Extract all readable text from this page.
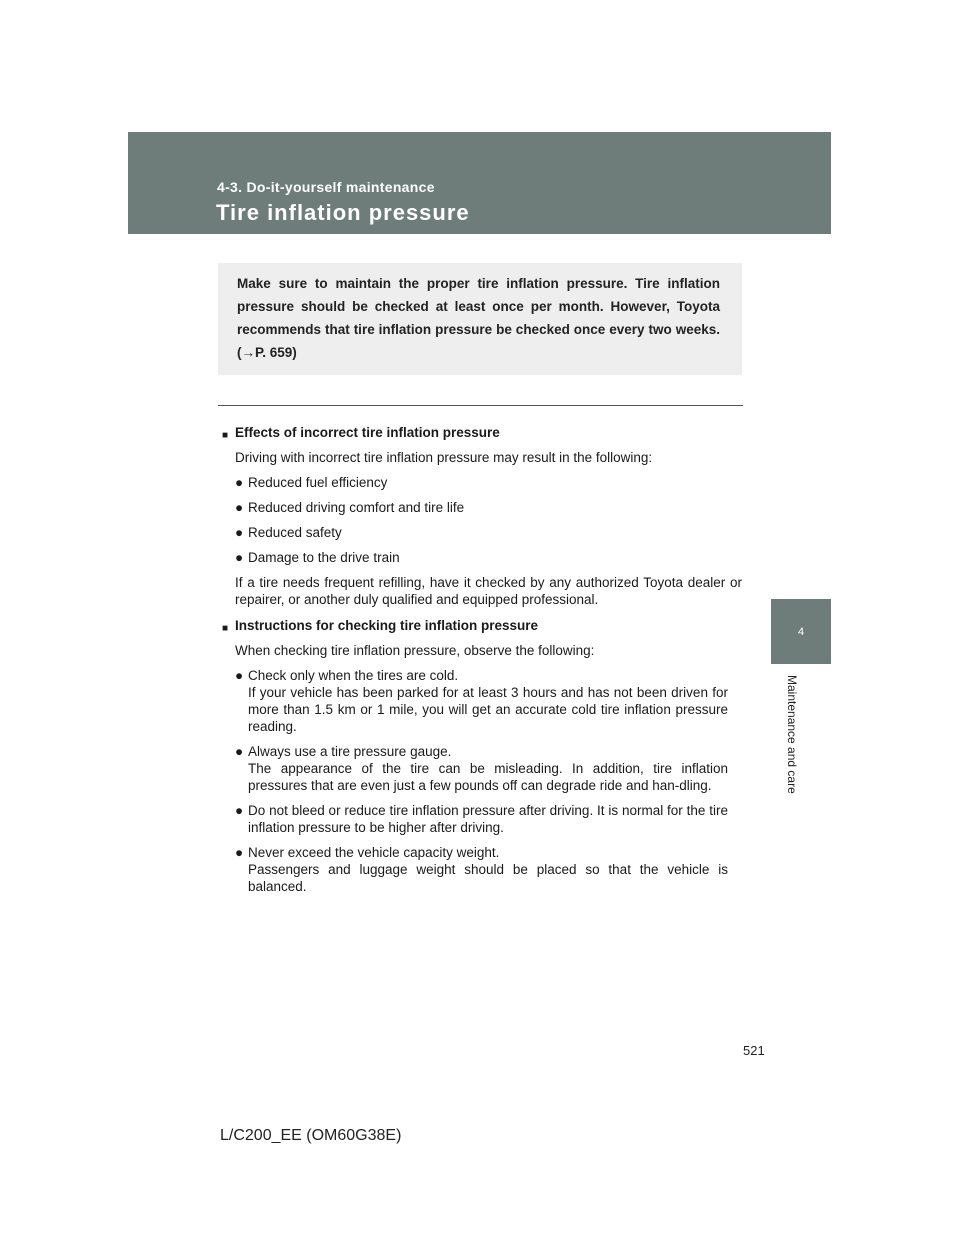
4-3. Do-it-yourself maintenance

Tire inflation pressure
4
Maintenance and care
Make sure to maintain the proper tire inflation pressure. Tire inflation pressure should be checked at least once per month. However, Toyota recommends that tire inflation pressure be checked once every two weeks. (→P. 659)

■ Effects of incorrect tire inflation pressure

Driving with incorrect tire inflation pressure may result in the following:

● Reduced fuel efficiency
● Reduced driving comfort and tire life
● Reduced safety
● Damage to the drive train

If a tire needs frequent refilling, have it checked by any authorized Toyota dealer or repairer, or another duly qualified and equipped professional.

■ Instructions for checking tire inflation pressure

When checking tire inflation pressure, observe the following:

● Check only when the tires are cold.
If your vehicle has been parked for at least 3 hours and has not been driven for more than 1.5 km or 1 mile, you will get an accurate cold tire inflation pressure reading.
● Always use a tire pressure gauge.
The appearance of the tire can be misleading. In addition, tire inflation pressures that are even just a few pounds off can degrade ride and han-dling.
● Do not bleed or reduce tire inflation pressure after driving. It is normal for the tire inflation pressure to be higher after driving.
● Never exceed the vehicle capacity weight.
Passengers and luggage weight should be placed so that the vehicle is balanced.
521
L/C200_EE (OM60G38E)
